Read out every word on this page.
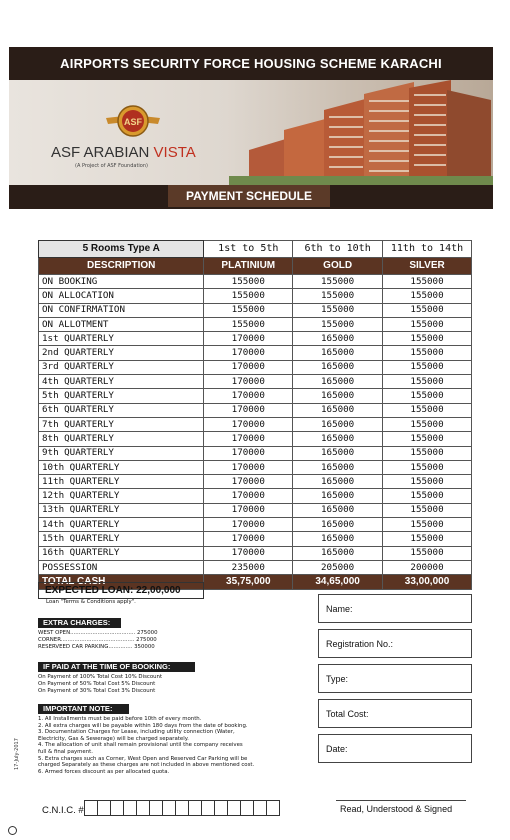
AIRPORTS SECURITY FORCE HOUSING SCHEME KARACHI
ASF
ASF ARABIAN VISTA
(A Project of ASF Foundation)
PAYMENT SCHEDULE
5 Rooms Type A	1st to 5th	6th to 10th	11th to 14th
DESCRIPTION	PLATINIUM	GOLD	SILVER
ON BOOKING	155000	155000	155000
ON ALLOCATION	155000	155000	155000
ON CONFIRMATION	155000	155000	155000
ON ALLOTMENT	155000	155000	155000
1st QUARTERLY	170000	165000	155000
2nd QUARTERLY	170000	165000	155000
3rd QUARTERLY	170000	165000	155000
4th QUARTERLY	170000	165000	155000
5th QUARTERLY	170000	165000	155000
6th QUARTERLY	170000	165000	155000
7th QUARTERLY	170000	165000	155000
8th QUARTERLY	170000	165000	155000
9th QUARTERLY	170000	165000	155000
10th QUARTERLY	170000	165000	155000
11th QUARTERLY	170000	165000	155000
12th QUARTERLY	170000	165000	155000
13th QUARTERLY	170000	165000	155000
14th QUARTERLY	170000	165000	155000
15th QUARTERLY	170000	165000	155000
16th QUARTERLY	170000	165000	155000
POSSESSION	235000	205000	200000
TOTAL CASH	35,75,000	34,65,000	33,00,000
EXPECTED LOAN: 22,00,000
Loan "Terms & Conditions apply".
EXTRA CHARGES:
WEST OPEN...................................... 275000
CORNER........................................... 275000
RESERVEED CAR PARKING.............. 350000
IF PAID AT THE TIME OF BOOKING:
On Payment of 100% Total Cost 10% Discount
On Payment of 50% Total Cost 5% Discount
On Payment of 30% Total Cost 3% Discount
IMPORTANT NOTE:
1. All Installments must be paid before 10th of every month.
2. All extra charges will be payable within 180 days from the date of booking.
3. Documentation Charges for Lease, including utility connection (Water,
Electricity, Gas & Sewerage) will be charged separately.
4. The allocation of unit shall remain provisional until the company receives
full & final payment.
5. Extra charges such as Corner, West Open and Reserved Car Parking will be
charged Separately as these charges are not included in above mentioned cost.
6. Armed forces discount as per allocated quota.
Name:
Registration No.:
Type:
Total Cost:
Date:
Read, Understood & Signed
C.N.I.C. #
17-July-2017
